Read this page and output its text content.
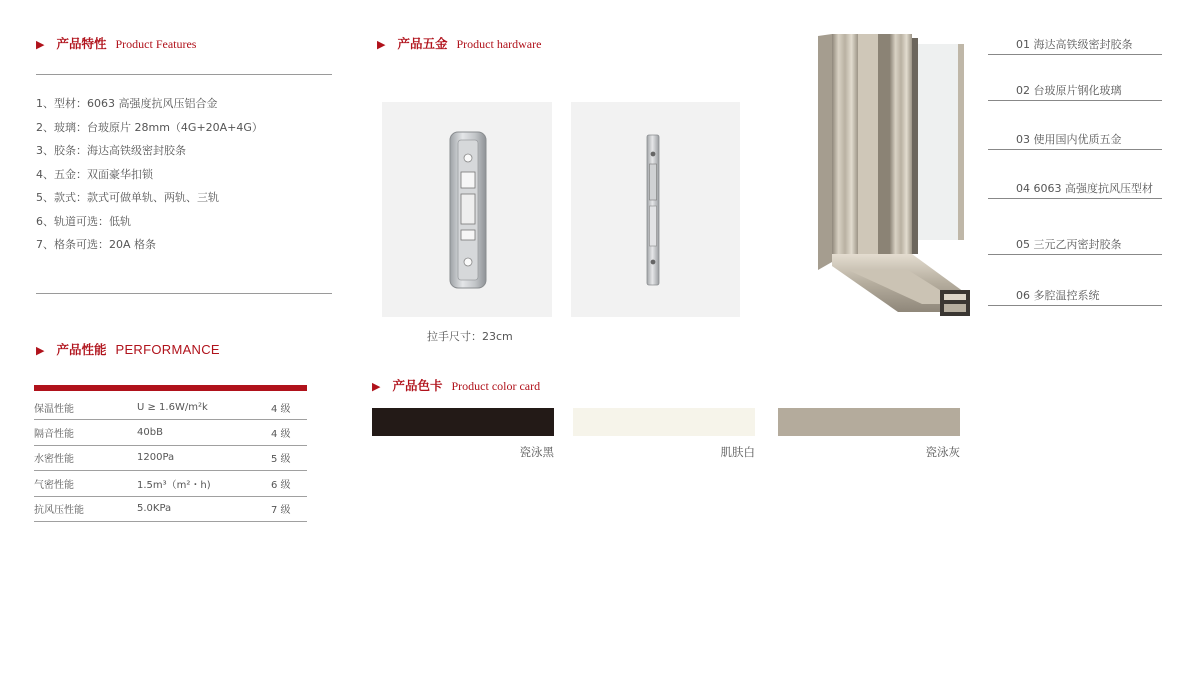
▶ 产品特性 Product Features
1、型材：6063 高强度抗风压铝合金
2、玻璃：台玻原片 28mm（4G+20A+4G）
3、胶条：海达高铁级密封胶条
4、五金：双面豪华扣锁
5、款式：款式可做单轨、两轨、三轨
6、轨道可选：低轨
7、格条可选：20A 格条
▶ 产品性能 PERFORMANCE
保温性能	U ≥ 1.6W/m²k	4 级
隔音性能	40bB	4 级
水密性能	1200Pa	5 级
气密性能	1.5m³（m²・h)	6 级
抗风压性能	5.0KPa	7 级
▶ 产品五金 Product hardware
拉手尺寸：23cm
▶ 产品色卡 Product color card
瓷泳黑	肌肤白	瓷泳灰
01 海达高铁级密封胶条
02 台玻原片钢化玻璃
03 使用国内优质五金
04 6063 高强度抗风压型材
05 三元乙丙密封胶条
06 多腔温控系统
